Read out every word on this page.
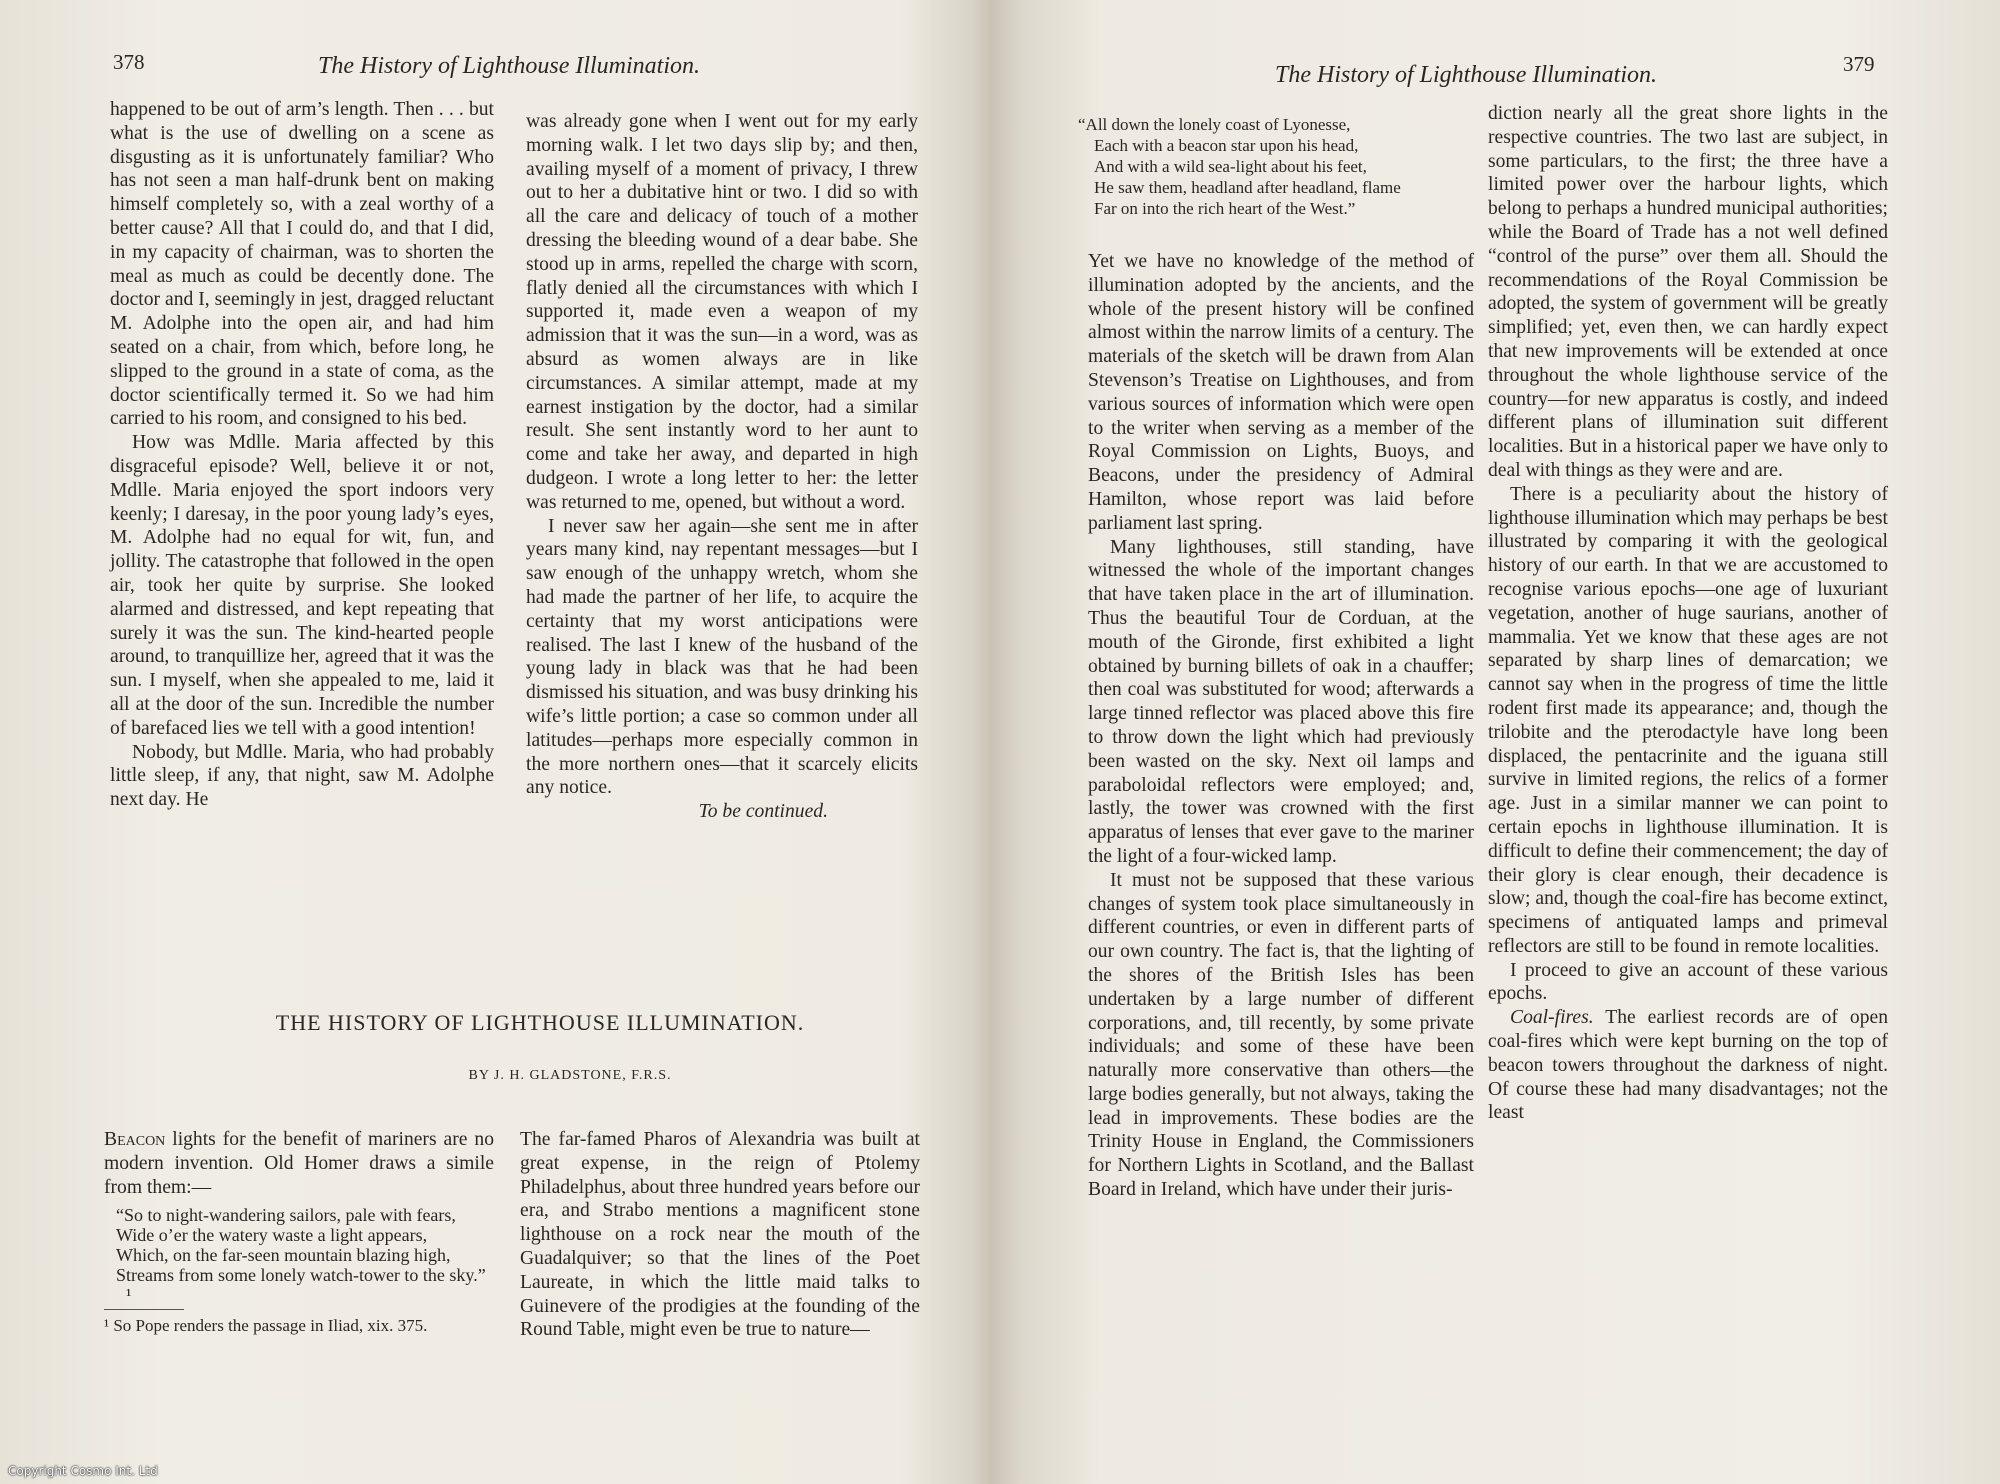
378	The History of Lighthouse Illumination.

happened to be out of arm’s length. Then . . . but what is the use of dwelling on a scene as disgusting as it is unfortunately familiar? Who has not seen a man half-drunk bent on making himself completely so, with a zeal worthy of a better cause? All that I could do, and that I did, in my capacity of chairman, was to shorten the meal as much as could be decently done. The doctor and I, seemingly in jest, dragged reluctant M. Adolphe into the open air, and had him seated on a chair, from which, before long, he slipped to the ground in a state of coma, as the doctor scientifically termed it. So we had him carried to his room, and consigned to his bed.

How was Mdlle. Maria affected by this disgraceful episode? Well, believe it or not, Mdlle. Maria enjoyed the sport indoors very keenly; I daresay, in the poor young lady’s eyes, M. Adolphe had no equal for wit, fun, and jollity. The catastrophe that followed in the open air, took her quite by surprise. She looked alarmed and distressed, and kept repeating that surely it was the sun. The kind-hearted people around, to tranquillize her, agreed that it was the sun. I myself, when she appealed to me, laid it all at the door of the sun. Incredible the number of barefaced lies we tell with a good intention!

Nobody, but Mdlle. Maria, who had probably little sleep, if any, that night, saw M. Adolphe next day. He

was already gone when I went out for my early morning walk. I let two days slip by; and then, availing myself of a moment of privacy, I threw out to her a dubitative hint or two. I did so with all the care and delicacy of touch of a mother dressing the bleeding wound of a dear babe. She stood up in arms, repelled the charge with scorn, flatly denied all the circumstances with which I supported it, made even a weapon of my admission that it was the sun—in a word, was as absurd as women always are in like circumstances. A similar attempt, made at my earnest instigation by the doctor, had a similar result. She sent instantly word to her aunt to come and take her away, and departed in high dudgeon. I wrote a long letter to her: the letter was returned to me, opened, but without a word.

I never saw her again—she sent me in after years many kind, nay repentant messages—but I saw enough of the unhappy wretch, whom she had made the partner of her life, to acquire the certainty that my worst anticipations were realised. The last I knew of the husband of the young lady in black was that he had been dismissed his situation, and was busy drinking his wife’s little portion; a case so common under all latitudes—perhaps more especially common in the more northern ones—that it scarcely elicits any notice.

To be continued.

THE HISTORY OF LIGHTHOUSE ILLUMINATION.
BY J. H. GLADSTONE, F.R.S.

Beacon lights for the benefit of mariners are no modern invention. Old Homer draws a simile from them:—

“So to night-wandering sailors, pale with fears,
Wide o’er the watery waste a light appears,
Which, on the far-seen mountain blazing high,
Streams from some lonely watch-tower to the sky.” ¹

¹ So Pope renders the passage in Iliad, xix. 375.

The far-famed Pharos of Alexandria was built at great expense, in the reign of Ptolemy Philadelphus, about three hundred years before our era, and Strabo mentions a magnificent stone lighthouse on a rock near the mouth of the Guadalquiver; so that the lines of the Poet Laureate, in which the little maid talks to Guinevere of the prodigies at the founding of the Round Table, might even be true to nature—

The History of Lighthouse Illumination.	379
“All down the lonely coast of Lyonesse,
Each with a beacon star upon his head,
And with a wild sea-light about his feet,
He saw them, headland after headland, flame
Far on into the rich heart of the West.”

Yet we have no knowledge of the method of illumination adopted by the ancients, and the whole of the present history will be confined almost within the narrow limits of a century. The materials of the sketch will be drawn from Alan Stevenson’s Treatise on Lighthouses, and from various sources of information which were open to the writer when serving as a member of the Royal Commission on Lights, Buoys, and Beacons, under the presidency of Admiral Hamilton, whose report was laid before parliament last spring.

Many lighthouses, still standing, have witnessed the whole of the important changes that have taken place in the art of illumination. Thus the beautiful Tour de Corduan, at the mouth of the Gironde, first exhibited a light obtained by burning billets of oak in a chauffer; then coal was substituted for wood; afterwards a large tinned reflector was placed above this fire to throw down the light which had previously been wasted on the sky. Next oil lamps and paraboloidal reflectors were employed; and, lastly, the tower was crowned with the first apparatus of lenses that ever gave to the mariner the light of a four-wicked lamp.

It must not be supposed that these various changes of system took place simultaneously in different countries, or even in different parts of our own country. The fact is, that the lighting of the shores of the British Isles has been undertaken by a large number of different corporations, and, till recently, by some private individuals; and some of these have been naturally more conservative than others—the large bodies generally, but not always, taking the lead in improvements. These bodies are the Trinity House in England, the Commissioners for Northern Lights in Scotland, and the Ballast Board in Ireland, which have under their juris-

diction nearly all the great shore lights in the respective countries. The two last are subject, in some particulars, to the first; the three have a limited power over the harbour lights, which belong to perhaps a hundred municipal authorities; while the Board of Trade has a not well defined “control of the purse” over them all. Should the recommendations of the Royal Commission be adopted, the system of government will be greatly simplified; yet, even then, we can hardly expect that new improvements will be extended at once throughout the whole lighthouse service of the country—for new apparatus is costly, and indeed different plans of illumination suit different localities. But in a historical paper we have only to deal with things as they were and are.

There is a peculiarity about the history of lighthouse illumination which may perhaps be best illustrated by comparing it with the geological history of our earth. In that we are accustomed to recognise various epochs—one age of luxuriant vegetation, another of huge saurians, another of mammalia. Yet we know that these ages are not separated by sharp lines of demarcation; we cannot say when in the progress of time the little rodent first made its appearance; and, though the trilobite and the pterodactyle have long been displaced, the pentacrinite and the iguana still survive in limited regions, the relics of a former age. Just in a similar manner we can point to certain epochs in lighthouse illumination. It is difficult to define their commencement; the day of their glory is clear enough, their decadence is slow; and, though the coal-fire has become extinct, specimens of antiquated lamps and primeval reflectors are still to be found in remote localities.

I proceed to give an account of these various epochs.

Coal-fires. The earliest records are of open coal-fires which were kept burning on the top of beacon towers throughout the darkness of night. Of course these had many disadvantages; not the least

Copyright Cosmo Int. Ltd
